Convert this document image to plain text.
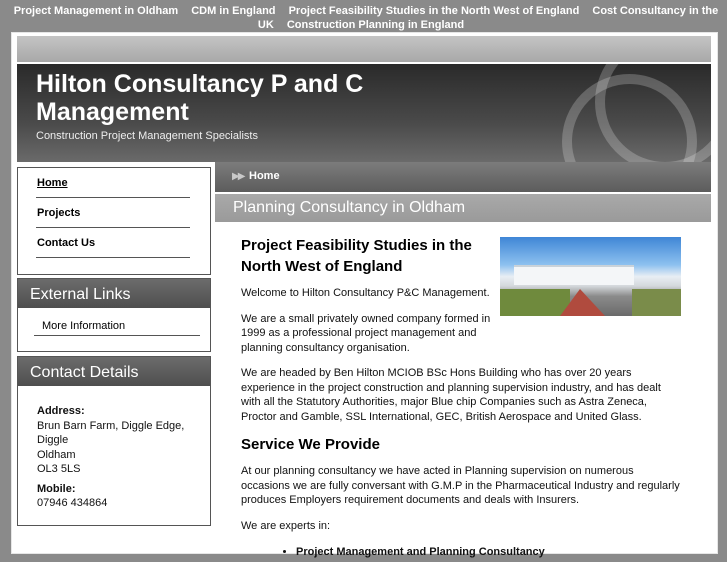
Project Management in Oldham CDM in England Project Feasibility Studies in the North West of England Cost Consultancy in the UK Construction Planning in England
Hilton Consultancy P and C Management
Construction Project Management Specialists
Home
Projects
Contact Us
External Links
More Information
Contact Details
Address:
Brun Barn Farm, Diggle Edge,
Diggle
Oldham
OL3 5LS
Mobile:
07946 434864
▶▶ Home
Planning Consultancy in Oldham
Project Feasibility Studies in the North West of England

Welcome to Hilton Consultancy P&C Management.

We are a small privately owned company formed in 1999 as a professional project management and planning consultancy organisation.

We are headed by Ben Hilton MCIOB BSc Hons Building who has over 20 years experience in the project construction and planning supervision industry, and has dealt with all the Statutory Authorities, major Blue chip Companies such as Astra Zeneca, Proctor and Gamble, SSL International, GEC, British Aerospace and United Glass.

Service We Provide

At our planning consultancy we have acted in Planning supervision on numerous occasions we are fully conversant with G.M.P in the Pharmaceutical Industry and regularly produces Employers requirement documents and deals with Insurers.

We are experts in:

• Project Management and Planning Consultancy
